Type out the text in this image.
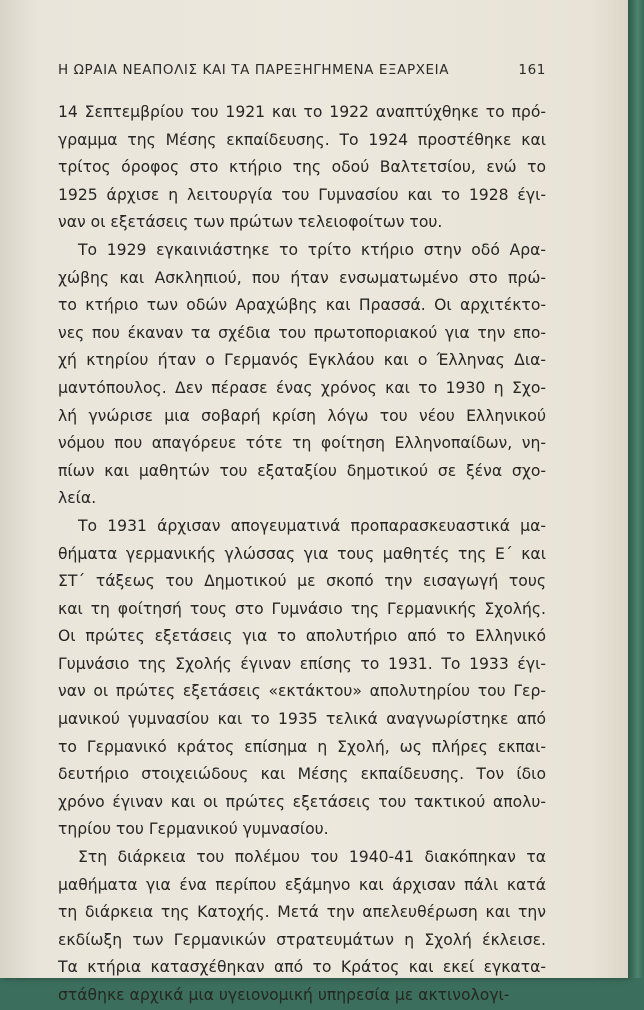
Η ΩΡΑΙΑ ΝΕΑΠΟΛΙΣ ΚΑΙ ΤΑ ΠΑΡΕΞΗΓΗΜΕΝΑ ΕΞΑΡΧΕΙΑ	161
14 Σεπτεμβρίου του 1921 και το 1922 αναπτύχθηκε το πρό-
γραμμα της Μέσης εκπαίδευσης. Το 1924 προστέθηκε και
τρίτος όροφος στο κτήριο της οδού Βαλτετσίου, ενώ το
1925 άρχισε η λειτουργία του Γυμνασίου και το 1928 έγι-
ναν οι εξετάσεις των πρώτων τελειοφοίτων του.
Το 1929 εγκαινιάστηκε το τρίτο κτήριο στην οδό Αρα-
χώβης και Ασκληπιού, που ήταν ενσωματωμένο στο πρώ-
το κτήριο των οδών Αραχώβης και Πρασσά. Οι αρχιτέκτο-
νες που έκαναν τα σχέδια του πρωτοποριακού για την επο-
χή κτηρίου ήταν ο Γερμανός Εγκλάου και ο Έλληνας Δια-
μαντόπουλος. Δεν πέρασε ένας χρόνος και το 1930 η Σχο-
λή γνώρισε μια σοβαρή κρίση λόγω του νέου Ελληνικού
νόμου που απαγόρευε τότε τη φοίτηση Ελληνοπαίδων, νη-
πίων και μαθητών του εξαταξίου δημοτικού σε ξένα σχο-
λεία.
Το 1931 άρχισαν απογευματινά προπαρασκευαστικά μα-
θήματα γερμανικής γλώσσας για τους μαθητές της Ε΄ και
ΣΤ΄ τάξεως του Δημοτικού με σκοπό την εισαγωγή τους
και τη φοίτησή τους στο Γυμνάσιο της Γερμανικής Σχολής.
Οι πρώτες εξετάσεις για το απολυτήριο από το Ελληνικό
Γυμνάσιο της Σχολής έγιναν επίσης το 1931. Το 1933 έγι-
ναν οι πρώτες εξετάσεις «εκτάκτου» απολυτηρίου του Γερ-
μανικού γυμνασίου και το 1935 τελικά αναγνωρίστηκε από
το Γερμανικό κράτος επίσημα η Σχολή, ως πλήρες εκπαι-
δευτήριο στοιχειώδους και Μέσης εκπαίδευσης. Τον ίδιο
χρόνο έγιναν και οι πρώτες εξετάσεις του τακτικού απολυ-
τηρίου του Γερμανικού γυμνασίου.
Στη διάρκεια του πολέμου του 1940-41 διακόπηκαν τα
μαθήματα για ένα περίπου εξάμηνο και άρχισαν πάλι κατά
τη διάρκεια της Κατοχής. Μετά την απελευθέρωση και την
εκδίωξη των Γερμανικών στρατευμάτων η Σχολή έκλεισε.
Τα κτήρια κατασχέθηκαν από το Κράτος και εκεί εγκατα-
στάθηκε αρχικά μια υγειονομική υπηρεσία με ακτινολογι-
